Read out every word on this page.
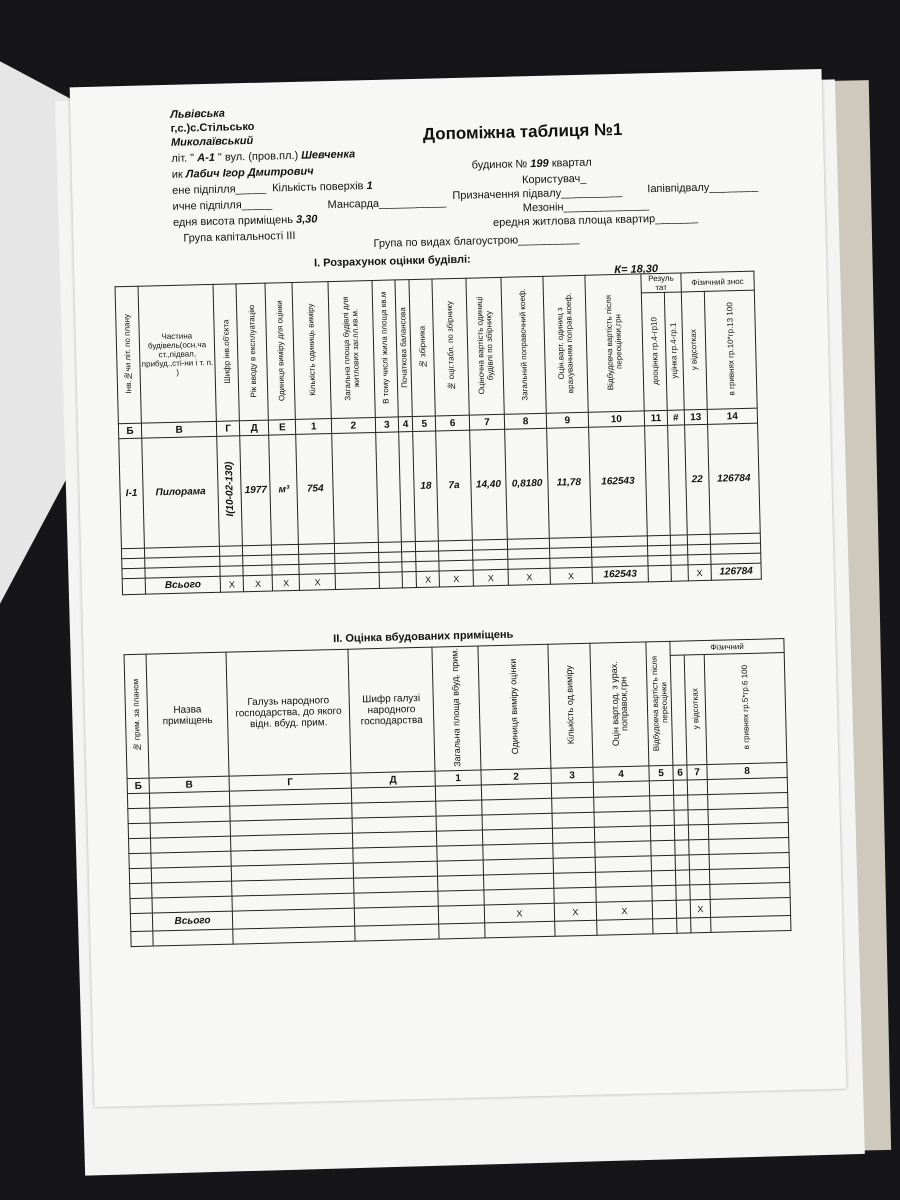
Львівська
г,с.)с.Стільсько
Миколаївський
літ. " А-1 " вул. (пров.пл.) Шевченка
ик Лабич Ігор Дмитрович
ене підпілля_____ Кількість поверхів 1
ичне підпілля_____	Мансарда___________
едня висота приміщень 3,30
Група капітальності III
Допоміжна таблиця №1
будинок № 199 квартал
Користувач_
Призначення підвалу__________ Іапівпідвалу________
Мезонін______________
ередня житлова площа квартир_______
Група по видах благоустрою__________
І. Розрахунок оцінки будівлі:
К= 18,30
Інв.№чи літ. по плану	Частина будівель(осн.ча ст.,підвал, прибуд.,сті-ни і т. п. )	Шифр інв.об'єкта	Рік вводу в експлуатацію	Одиниця виміру для оцінки	Кількість одиниць виміру	Загальна площа будівлі для житлових заг.пл.кв.м.	В тому числі жила площа кв.м	Початкова балансова	№ збірника	№ оціг.табл. по збірнику	Оціночна вартість одиниці будівлі по збірнику	Загальний поправочний коеф.	Оцін.варт. одиниц з врахуванням поправ.коеф.	Відбудовча вартість після переоцінки,грн	Резуль тат		Фізичний знос	
															дооцінка гр.4-гр10	уцінка гр.4-гр.1	у відсотках	в гривнях гр.10*гр.13 100
Б	В	Г	Д	Е	1	2	3	4	5	6	7	8	9	10	11	#	13	14
І-1	Пилорама	І(10-02-130)	1977	м³	754				18	7а	14,40	0,8180	11,78	162543			22	126784

	Всього	Х	Х	Х	Х				Х	Х	Х	Х	Х	162543			Х	126784
ІІ. Оцінка вбудованих приміщень
№ прим. за планом	Назва приміщень	Галузь народного господарства, до якого відн. вбуд. прим.	Шифр галузі народного господарства	Загальна площа вбуд. прим.	Одиниця виміру оцінки	Кількість од.виміру	Оцін варт.од. з урах. поправок,грн	Відбудовча вартість після переоцінки	Фізичний		
										у відсотках	в гривнях гр.5*гр.6 100
Б	В	Г	Д	1	2	3	4	5	6	7	8

	Всього				Х	Х	Х			Х	
